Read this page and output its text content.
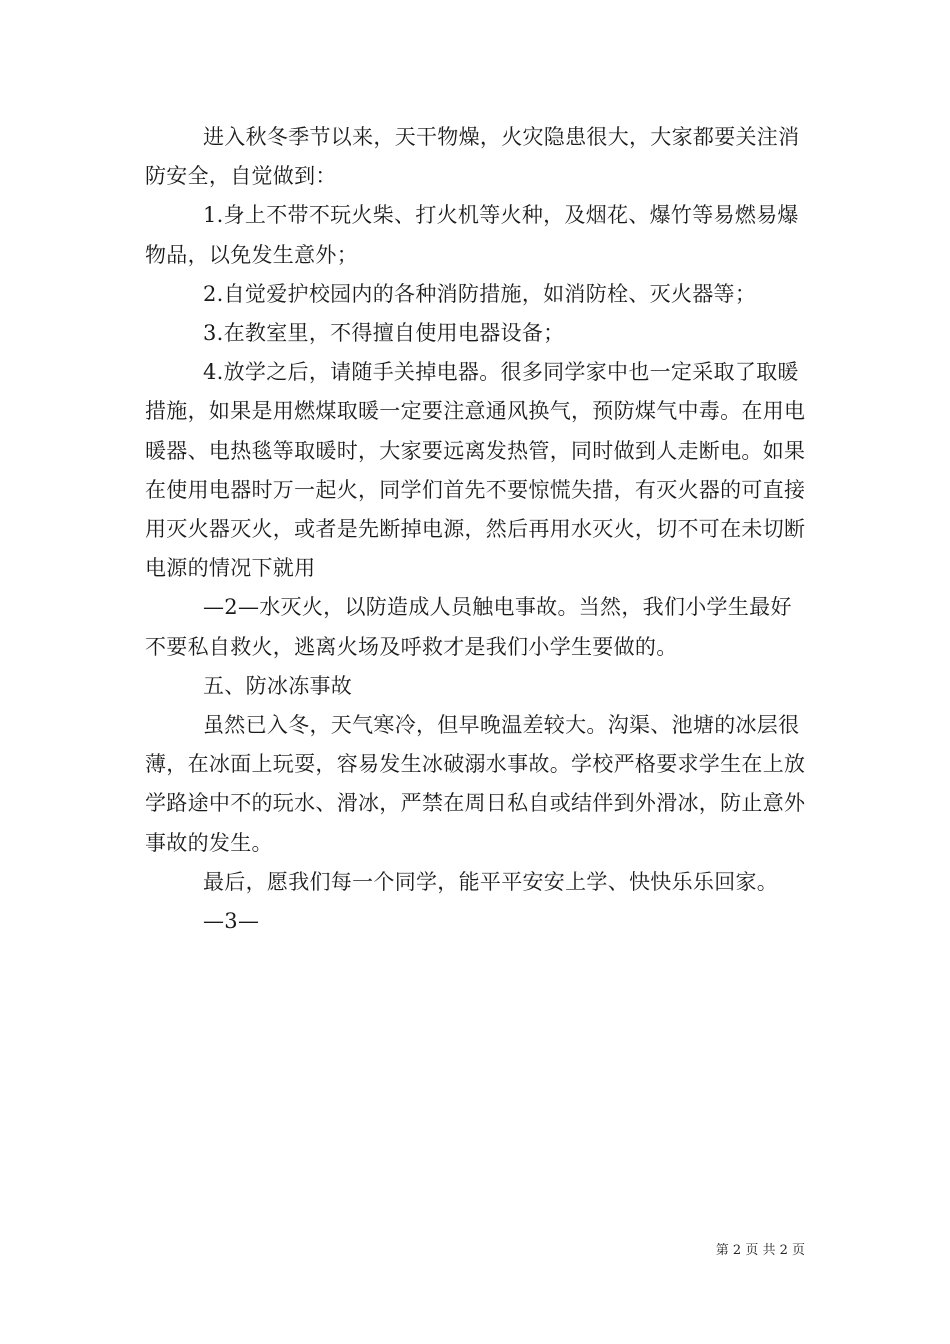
进入秋冬季节以来，天干物燥，火灾隐患很大，大家都要关注消防安全，自觉做到：

1.身上不带不玩火柴、打火机等火种，及烟花、爆竹等易燃易爆物品，以免发生意外；

2.自觉爱护校园内的各种消防措施，如消防栓、灭火器等；

3.在教室里，不得擅自使用电器设备；

4.放学之后，请随手关掉电器。很多同学家中也一定采取了取暖措施，如果是用燃煤取暖一定要注意通风换气，预防煤气中毒。在用电暖器、电热毯等取暖时，大家要远离发热管，同时做到人走断电。如果在使用电器时万一起火，同学们首先不要惊慌失措，有灭火器的可直接用灭火器灭火，或者是先断掉电源，然后再用水灭火，切不可在未切断电源的情况下就用

—2—水灭火，以防造成人员触电事故。当然，我们小学生最好不要私自救火，逃离火场及呼救才是我们小学生要做的。

五、防冰冻事故

虽然已入冬，天气寒冷，但早晚温差较大。沟渠、池塘的冰层很薄，在冰面上玩耍，容易发生冰破溺水事故。学校严格要求学生在上放学路途中不的玩水、滑冰，严禁在周日私自或结伴到外滑冰，防止意外事故的发生。

最后，愿我们每一个同学，能平平安安上学、快快乐乐回家。

—3—

第 2 页 共 2 页
